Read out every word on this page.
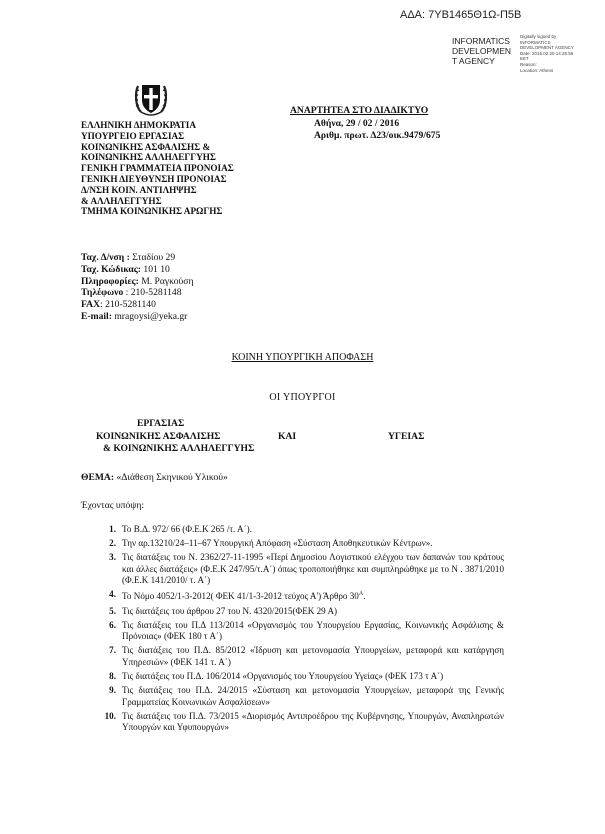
ΑΔΑ: 7ΥΒ1465Θ1Ω-Π5Β
INFORMATICS DEVELOPMEN T AGENCY
Digitally signed by
INFORMATICS
DEVELOPMENT AGENCY
Date: 2016.02.29 14:25:56
EET
Reason:
Location: Athens
ΕΛΛΗΝΙΚΗ ΔΗΜΟΚΡΑΤΙΑ
ΥΠΟΥΡΓΕΙΟ ΕΡΓΑΣΙΑΣ
ΚΟΙΝΩΝΙΚΗΣ ΑΣΦΑΛΙΣΗΣ &
ΚΟΙΝΩΝΙΚΗΣ ΑΛΛΗΛΕΓΓΥΗΣ
ΓΕΝΙΚΗ ΓΡΑΜΜΑΤΕΙΑ ΠΡΟΝΟΙΑΣ
ΓΕΝΙΚΗ ΔΙΕΥΘΥΝΣΗ ΠΡΟΝΟΙΑΣ
Δ/ΝΣΗ ΚΟΙΝ. ΑΝΤΙΛΗΨΗΣ
& ΑΛΛΗΛΕΓΓΥΗΣ
ΤΜΗΜΑ ΚΟΙΝΩΝΙΚΗΣ ΑΡΩΓΗΣ
ΑΝΑΡΤΗΤΕΑ ΣΤΟ ΔΙΑΔΙΚΤΥΟ
Αθήνα, 29 / 02 / 2016
Αριθμ. πρωτ. Δ23/οικ.9479/675
Ταχ. Δ/νση : Σταδίου 29
Ταχ. Κώδικας: 101 10
Πληροφορίες: Μ. Ραγκούση
Τηλέφωνο : 210-5281148
FAX: 210-5281140
E-mail: mragoysi@yeka.gr
ΚΟΙΝΗ ΥΠΟΥΡΓΙΚΗ ΑΠΟΦΑΣΗ
ΟΙ ΥΠΟΥΡΓΟΙ
ΕΡΓΑΣΙΑΣ
ΚΟΙΝΩΝΙΚΗΣ ΑΣΦΑΛΙΣΗΣ	ΚΑΙ	ΥΓΕΙΑΣ
& ΚΟΙΝΩΝΙΚΗΣ ΑΛΛΗΛΕΓΓΥΗΣ
ΘΕΜΑ: «Διάθεση Σκηνικού Υλικού»
Έχοντας υπόψη:
1. Το Β.Δ. 972/ 66 (Φ.Ε.Κ 265 /τ. Α΄).
2. Την αρ.13210/24–11–67 Υπουργική Απόφαση «Σύσταση Αποθηκευτικών Κέντρων».
3. Τις διατάξεις του Ν. 2362/27-11-1995 «Περί Δημοσίου Λογιστικού ελέγχου των δαπανών του κράτους και άλλες διατάξεις» (Φ.Ε.Κ 247/95/τ.Α΄) όπως τροποποιήθηκε και συμπληρώθηκε με το Ν . 3871/2010 (Φ.Ε.Κ 141/2010/ τ. Α΄)
4. Το Νόμο 4052/1-3-2012( ΦΕΚ 41/1-3-2012 τεύχος Α') Άρθρο $30^A$.
5. Τις διατάξεις του άρθρου 27 του Ν. 4320/2015(ΦΕΚ 29 Α)
6. Τις διατάξεις του Π.Δ 113/2014 «Οργανισμός του Υπουργείου Εργασίας, Κοινωνικής Ασφάλισης & Πρόνοιας» (ΦΕΚ 180 τ Α΄)
7. Τις διατάξεις του Π.Δ. 85/2012 «Ίδρυση και μετονομασία Υπουργείων, μεταφορά και κατάργηση Υπηρεσιών» (ΦΕΚ 141 τ. Α΄)
8. Τις διατάξεις του Π.Δ. 106/2014 «Οργανισμός του Υπουργείου Υγείας» (ΦΕΚ 173 τ Α΄)
9. Τις διατάξεις του Π.Δ. 24/2015 «Σύσταση και μετονομασία Υπουργείων, μεταφορά της Γενικής Γραμματείας Κοινωνικών Ασφαλίσεων»
10. Τις διατάξεις του Π.Δ. 73/2015 «Διορισμός Αντιπροέδρου της Κυβέρνησης, Υπουργών, Αναπληρωτών Υπουργών και Υφυπουργών»
